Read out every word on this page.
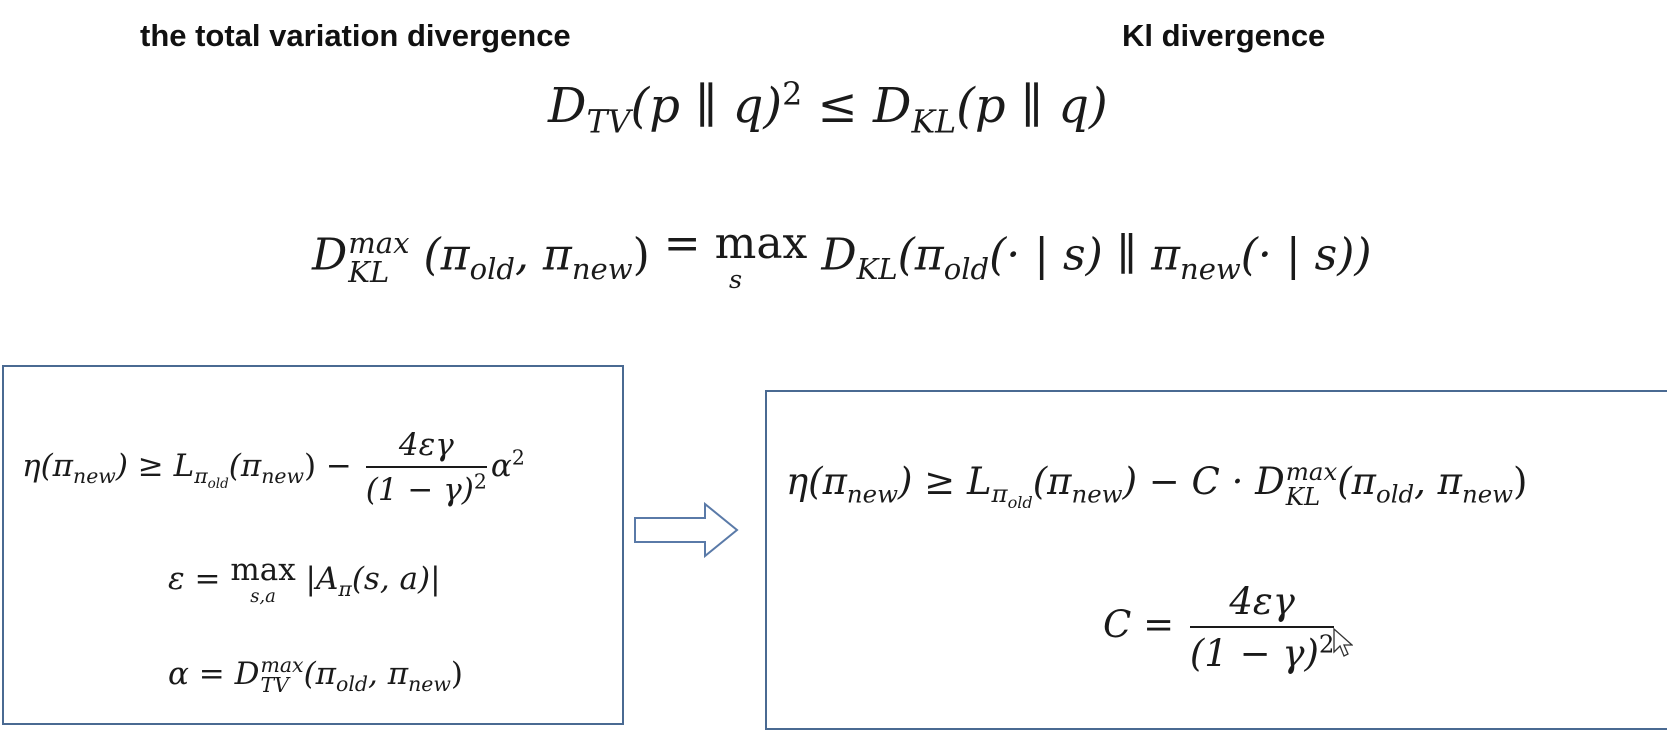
the total variation divergence	Kl divergence
$D_{TV}(p$ ∥ $q)^2 \le D_{KL}(p$ ∥ q)
D max
KL ($\pi_{old}$, $\pi_{new}) = \max$
s	$D_{KL}(\pi_{old}(\cdot$ | s) ∥ $\pi_{new}(\cdot$ | s))
$\eta(\pi_{new}) \ge L_{\pi_{old}}(\pi_{new}) - \frac{4\varepsilon\gamma}{(1 - \gamma)^2} \alpha^2$
ε = max
s,a $|A_\pi(s$, a)|
α = D max
TV ($\pi_{old}$, $\pi_{new}$)
$\eta(\pi_{new}) \ge L_{\pi_{old}}(\pi_{new}) - C \cdot D$ max
KL ($\pi_{old}$, $\pi_{new}$)
$C = \frac{4\varepsilon\gamma}{(1 - \gamma)^2}$
